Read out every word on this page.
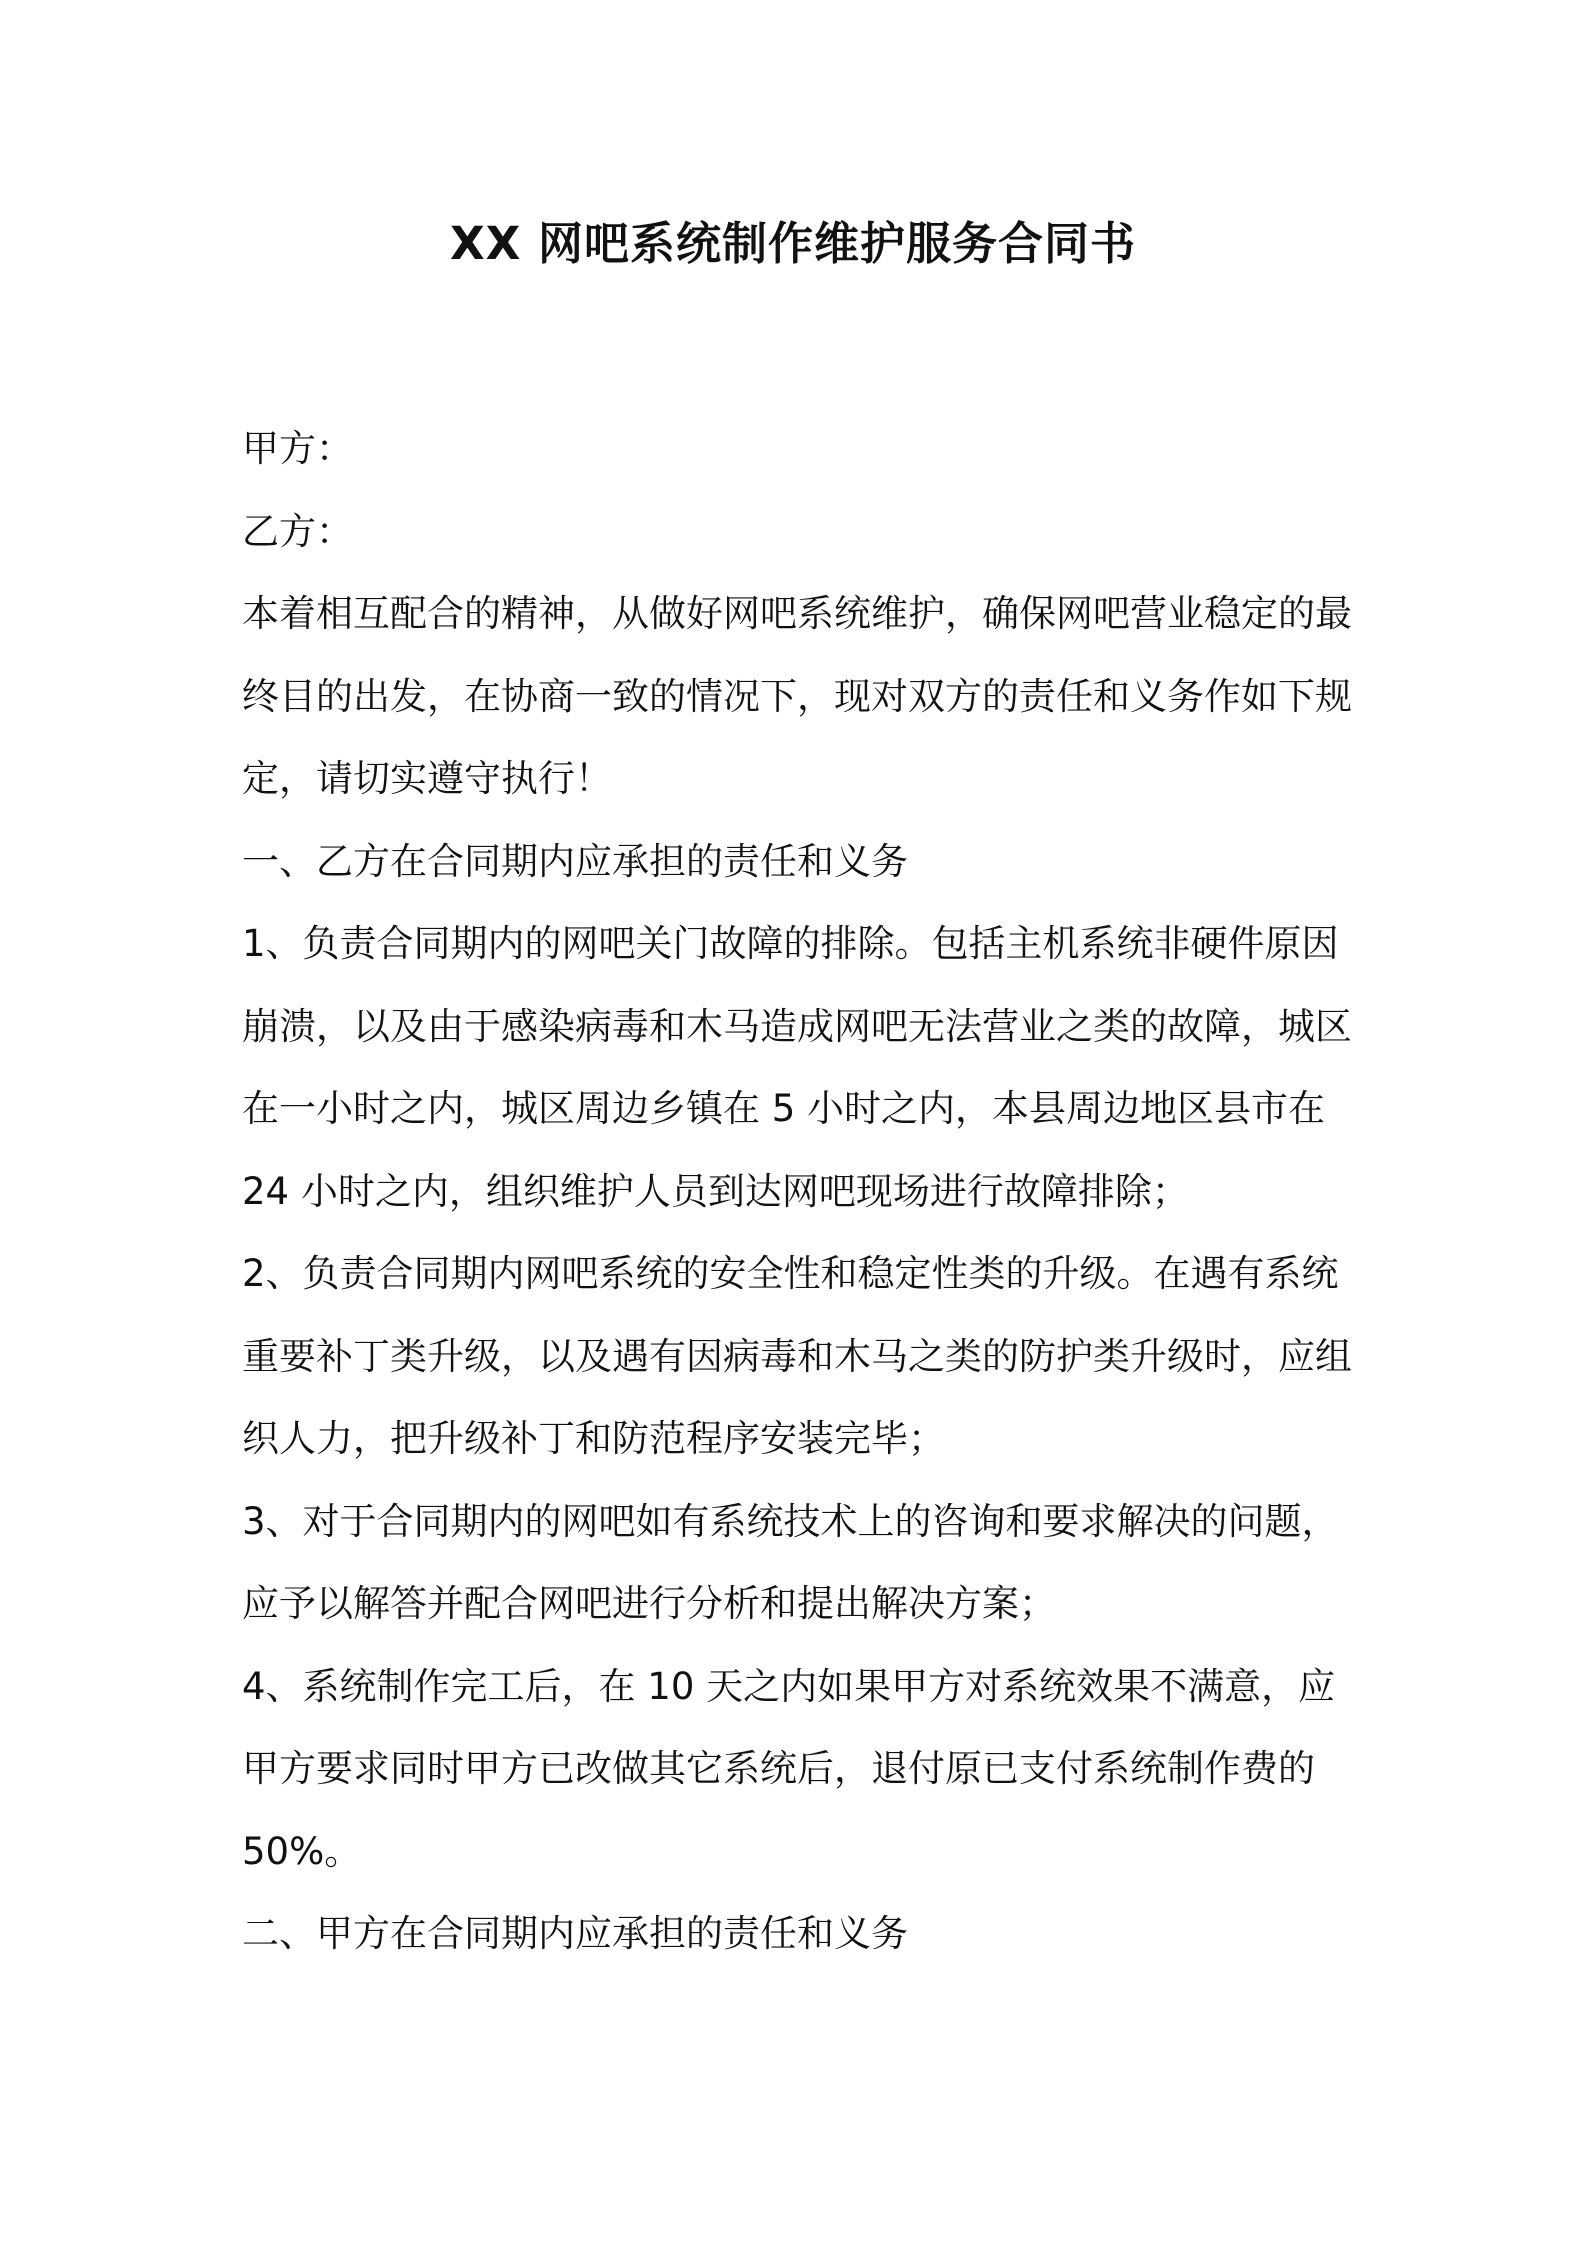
XX 网吧系统制作维护服务合同书

甲方：

乙方：

本着相互配合的精神，从做好网吧系统维护，确保网吧营业稳定的最终目的出发，在协商一致的情况下，现对双方的责任和义务作如下规定，请切实遵守执行！

一、乙方在合同期内应承担的责任和义务

1、负责合同期内的网吧关门故障的排除。包括主机系统非硬件原因崩溃，以及由于感染病毒和木马造成网吧无法营业之类的故障，城区在一小时之内，城区周边乡镇在 5 小时之内，本县周边地区县市在 24 小时之内，组织维护人员到达网吧现场进行故障排除；

2、负责合同期内网吧系统的安全性和稳定性类的升级。在遇有系统重要补丁类升级，以及遇有因病毒和木马之类的防护类升级时，应组织人力，把升级补丁和防范程序安装完毕；

3、对于合同期内的网吧如有系统技术上的咨询和要求解决的问题，应予以解答并配合网吧进行分析和提出解决方案；

4、系统制作完工后，在 10 天之内如果甲方对系统效果不满意，应甲方要求同时甲方已改做其它系统后，退付原已支付系统制作费的 50%。

二、甲方在合同期内应承担的责任和义务
